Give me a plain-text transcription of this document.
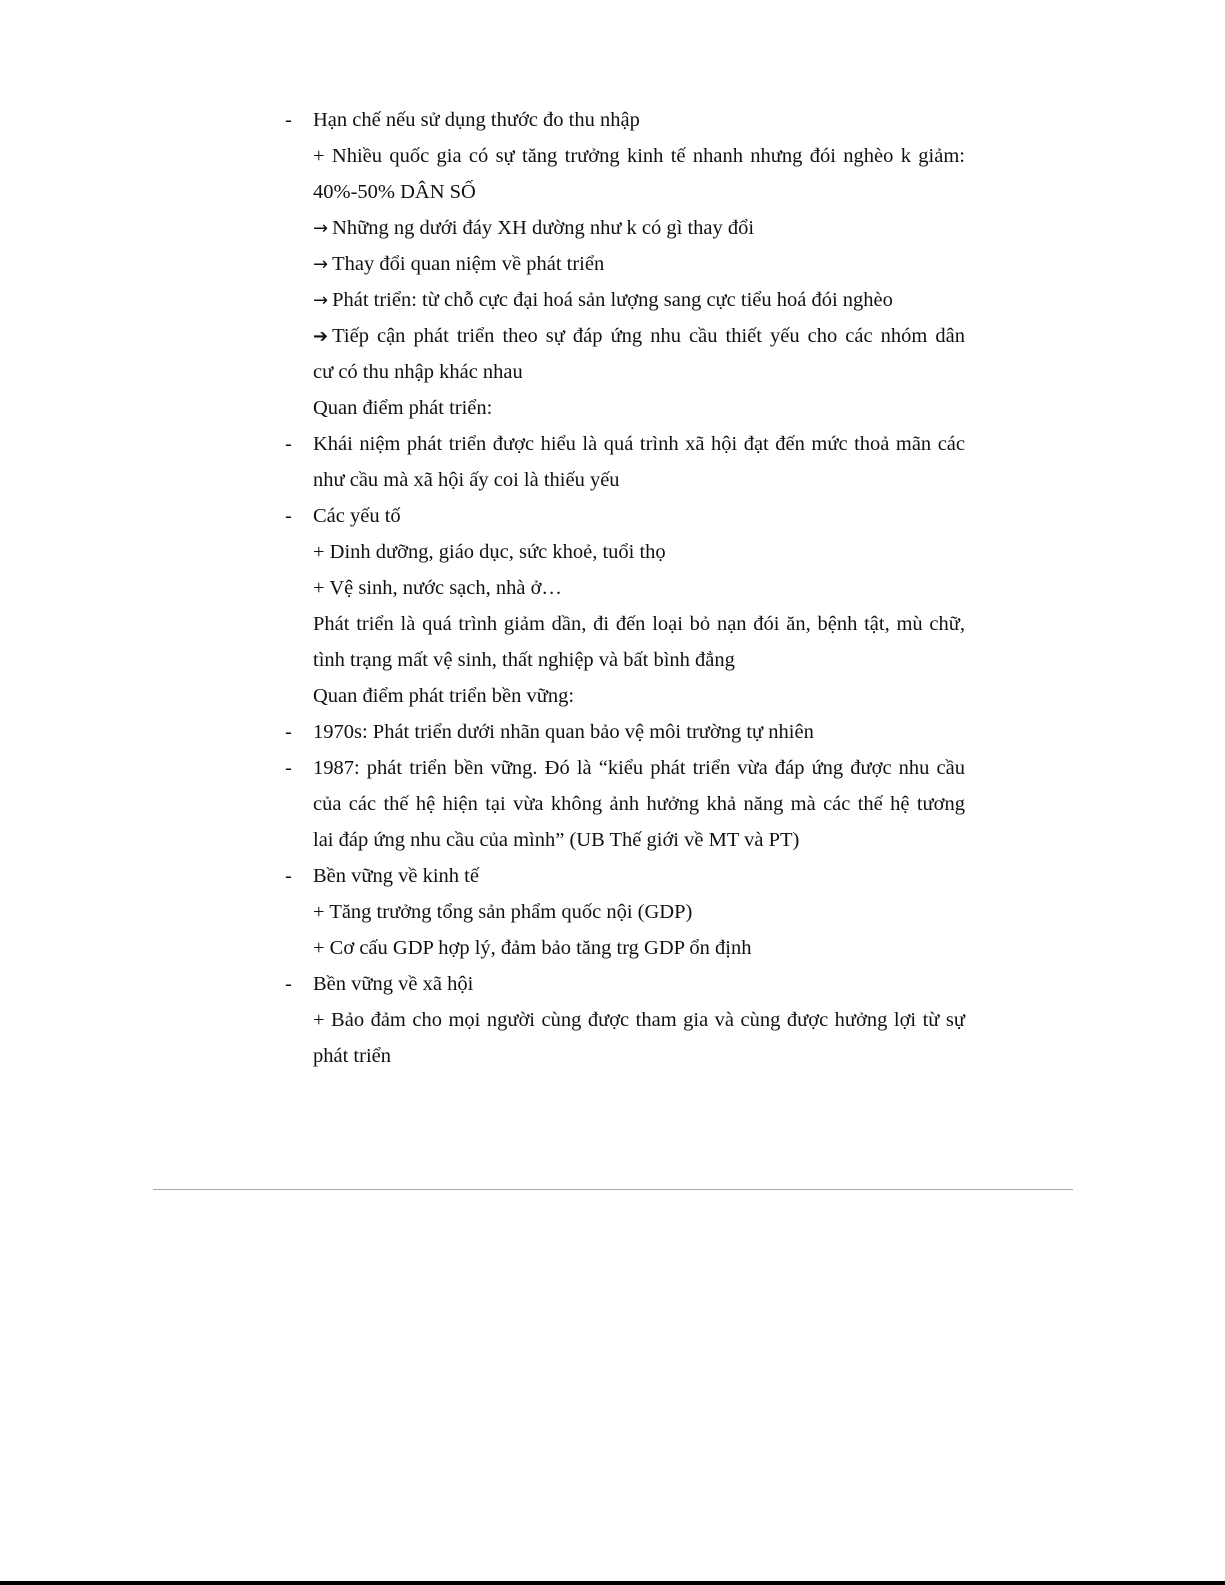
- Hạn chế nếu sử dụng thước đo thu nhập
+ Nhiều quốc gia có sự tăng trưởng kinh tế nhanh nhưng đói nghèo k giảm:
40%-50% DÂN SỐ
→ Những ng dưới đáy XH dường như k có gì thay đổi
→ Thay đổi quan niệm về phát triển
→ Phát triển: từ chỗ cực đại hoá sản lượng sang cực tiểu hoá đói nghèo
➔ Tiếp cận phát triển theo sự đáp ứng nhu cầu thiết yếu cho các nhóm dân
cư có thu nhập khác nhau
Quan điểm phát triển:
- Khái niệm phát triển được hiểu là quá trình xã hội đạt đến mức thoả mãn các
như cầu mà xã hội ấy coi là thiếu yếu
- Các yếu tố
+ Dinh dưỡng, giáo dục, sức khoẻ, tuổi thọ
+ Vệ sinh, nước sạch, nhà ở…
Phát triển là quá trình giảm dần, đi đến loại bỏ nạn đói ăn, bệnh tật, mù chữ,
tình trạng mất vệ sinh, thất nghiệp và bất bình đẳng
Quan điểm phát triển bền vững:
- 1970s: Phát triển dưới nhãn quan bảo vệ môi trường tự nhiên
- 1987: phát triển bền vững. Đó là “kiểu phát triển vừa đáp ứng được nhu cầu
của các thế hệ hiện tại vừa không ảnh hưởng khả năng mà các thế hệ tương
lai đáp ứng nhu cầu của mình” (UB Thế giới về MT và PT)
- Bền vững về kinh tế
+ Tăng trưởng tổng sản phẩm quốc nội (GDP)
+ Cơ cấu GDP hợp lý, đảm bảo tăng trg GDP ổn định
- Bền vững về xã hội
+ Bảo đảm cho mọi người cùng được tham gia và cùng được hưởng lợi từ sự
phát triển
